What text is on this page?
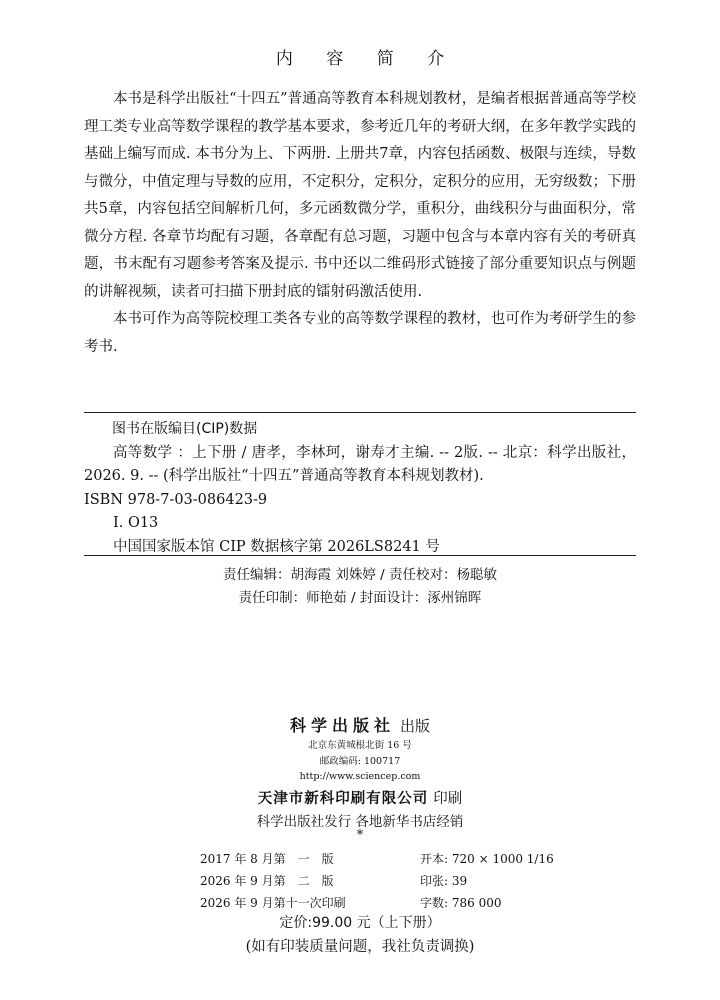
内 容 简 介

本书是科学出版社“十四五”普通高等教育本科规划教材，是编者根据普通高等学校理工类专业高等数学课程的教学基本要求，参考近几年的考研大纲，在多年教学实践的基础上编写而成. 本书分为上、下两册. 上册共7章，内容包括函数、极限与连续，导数与微分，中值定理与导数的应用，不定积分，定积分，定积分的应用，无穷级数；下册共5章，内容包括空间解析几何，多元函数微分学，重积分，曲线积分与曲面积分，常微分方程. 各章节均配有习题，各章配有总习题，习题中包含与本章内容有关的考研真题，书末配有习题参考答案及提示. 书中还以二维码形式链接了部分重要知识点与例题的讲解视频，读者可扫描下册封底的镭射码激活使用.

本书可作为高等院校理工类各专业的高等数学课程的教材，也可作为考研学生的参考书.

图书在版编目(CIP)数据
高等数学 ：上下册 / 唐孝，李林珂，谢寿才主编. -- 2版. -- 北京：科学出版社，2026. 9. -- (科学出版社“十四五”普通高等教育本科规划教材).
ISBN 978-7-03-086423-9
Ⅰ. O13
中国国家版本馆 CIP 数据核字第 2026LS8241 号
责任编辑：胡海霞 刘姝婷 / 责任校对：杨聪敏
责任印制：师艳茹 / 封面设计：涿州锦晖
科学出版社 出版
北京东黄城根北街 16 号
邮政编码: 100717
http://www.sciencep.com
天津市新科印刷有限公司 印刷
科学出版社发行 各地新华书店经销
*
2017 年 8 月第　一　版	开本: 720 × 1000 1/16
2026 年 9 月第　二　版	印张: 39
2026 年 9 月第十一次印刷	字数: 786 000
定价:99.00 元（上下册）
(如有印装质量问题，我社负责调换)
